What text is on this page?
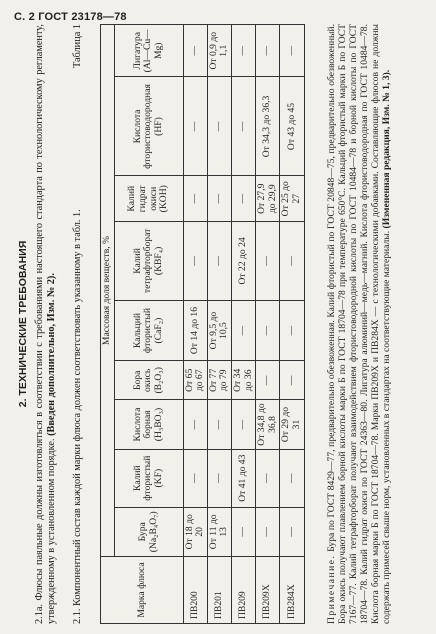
С. 2 ГОСТ 23178—78
2. ТЕХНИЧЕСКИЕ ТРЕБОВАНИЯ 2.1а. Флюсы паяльные должны изготовляться в соответствии с требованиями настоящего стандарта по технологическому регламенту, утвержденному в установленном порядке. (Введен дополнительно, Изм. № 2). 2.1. Компонентный состав каждой марки флюса должен соответствовать указанному в табл. 1.
Таблица 1
Марка флюса	Массовая доля веществ, %								
	Бура (Na₂B₄O₇)	Калий фтористый (KF)	Кислота борная (H₃BO₃)	Бора окись (B₂O₃)	Кальций фтористый (CaF₂)	Калий тетрафторборат (KBF₄)	Калий гидрат окиси (KOH)	Кислота фтористоводородная (HF)	Лигатура (Al—Cu—Mg)
ПВ200	От 18 до 20	—	—	От 65 до 67	От 14 до 16	—	—	—	—
ПВ201	От 11 до 13	—	—	От 77 до 79	От 9,5 до 10,5	—	—	—	От 0,9 до 1,1
ПВ209	—	От 41 до 43	—	От 34 до 36	—	От 22 до 24	—	—	—
ПВ209Х	—	—	От 34,8 до 36,8	—	—	—	От 27,9 до 29,9	От 34,3 до 36,3	—
ПВ284Х	—	—	От 29 до 31	—	—	—	От 25 до 27	От 43 до 45	—
Примечание. Бура по ГОСТ 8429—77, предварительно обезвоженная. Калий фтористый по ГОСТ 20848—75, предварительно обезвоженный. Бора окись получают плавлением борной кислоты марки Б по ГОСТ 18704—78 при температуре 650°С. Кальций фтористый марки Б по ГОСТ 7167—77. Калий тетрафторборат получают взаимодействием фтористоводородной кислоты по ГОСТ 10484—78 и борной кислоты по ГОСТ 18704—78. Калий гидрат окиси по ГОСТ 24363—80. Лигатура алюминий—медь—магний. Кислота фтористоводородная по ГОСТ 10484—78. Кислота борная марки Б по ГОСТ 18704—78. Марки ПВ209Х и ПВ284Х — с технологическими добавками. Составляющие флюсов не должны содержать примесей свыше норм, установленных в стандартах на соответствующие материалы. (Измененная редакция, Изм. № 1, 3).
